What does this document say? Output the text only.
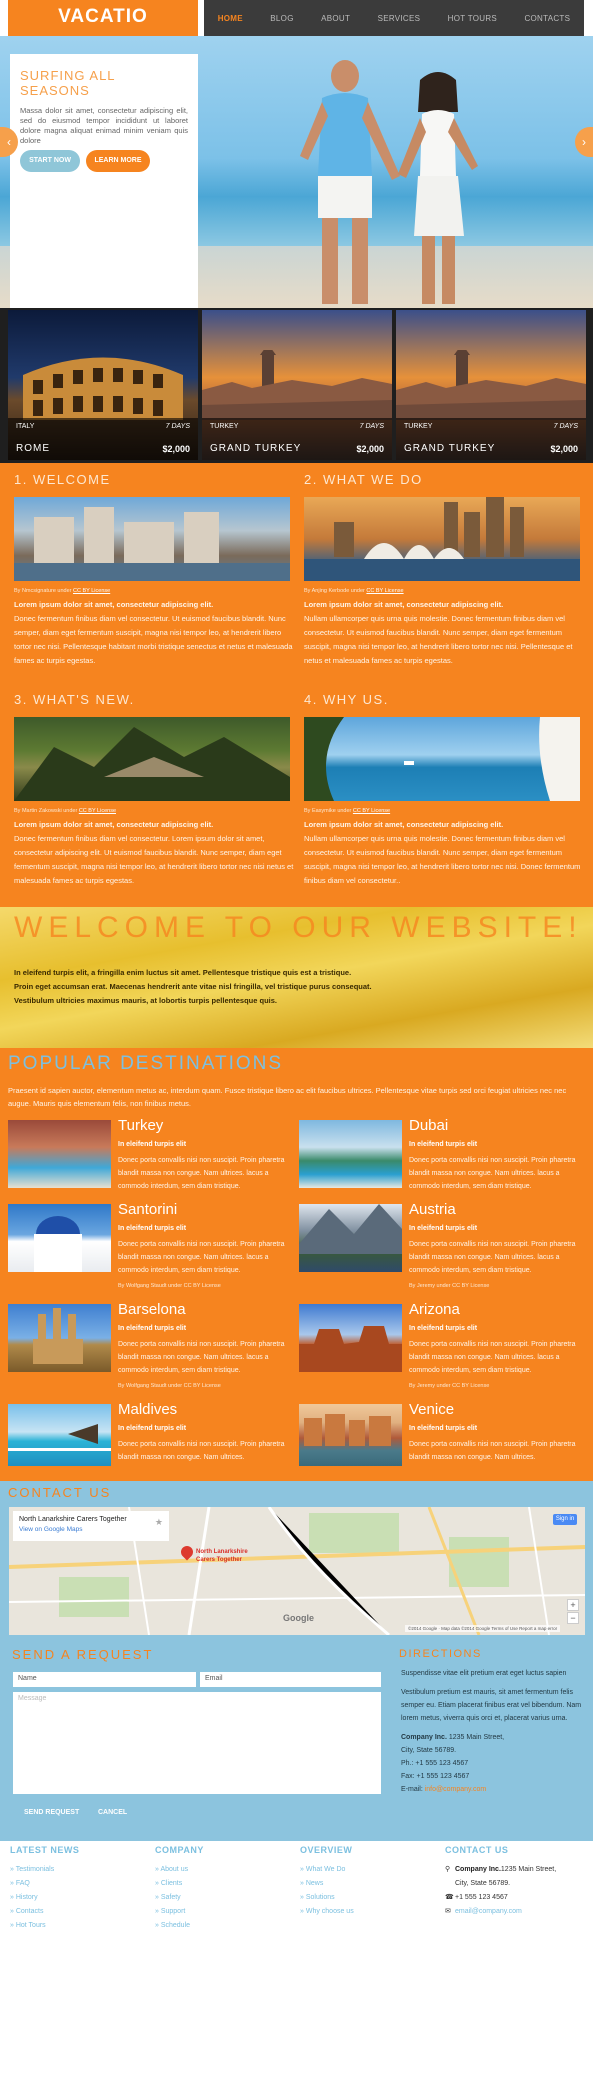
VACATIO	HOME	BLOG	ABOUT	SERVICES	HOT TOURS	CONTACTS
SURFING ALL SEASONS
Massa dolor sit amet, consectetur adipiscing elit, sed do eiusmod tempor incididunt ut laboret dolore magna aliquat enimad minim veniam quis dolore
START NOW	LEARN MORE
‹	›
ITALY	7 DAYS
ROME	$2,000
TURKEY	7 DAYS
GRAND TURKEY	$2,000
TURKEY	7 DAYS
GRAND TURKEY	$2,000
1. WELCOME
By Nmcsignature under CC BY License
Lorem ipsum dolor sit amet, consectetur adipiscing elit.
Donec fermentum finibus diam vel consectetur. Ut euismod faucibus blandit. Nunc semper, diam eget fermentum suscipit, magna nisi tempor leo, at hendrerit libero tortor nec nisi. Pellentesque habitant morbi tristique senectus et netus et malesuada fames ac turpis egestas.
2. WHAT WE DO
By Anjing Kerbode under CC BY License
Lorem ipsum dolor sit amet, consectetur adipiscing elit.
Nullam ullamcorper quis urna quis molestie. Donec fermentum finibus diam vel consectetur. Ut euismod faucibus blandit. Nunc semper, diam eget fermentum suscipit, magna nisi tempor leo, at hendrerit libero tortor nec nisi. Pellentesque et netus et malesuada fames ac turpis egestas.
3. WHAT'S NEW.
By Martin Zakowski under CC BY License
Lorem ipsum dolor sit amet, consectetur adipiscing elit.
Donec fermentum finibus diam vel consectetur. Lorem ipsum dolor sit amet, consectetur adipiscing elit. Ut euismod faucibus blandit. Nunc semper, diam eget fermentum suscipit, magna nisi tempor leo, at hendrerit libero tortor nec nisi netus et malesuada fames ac turpis egestas.
4. WHY US.
By Easymike under CC BY License
Lorem ipsum dolor sit amet, consectetur adipiscing elit.
Nullam ullamcorper quis urna quis molestie. Donec fermentum finibus diam vel consectetur. Ut euismod faucibus blandit. Nunc semper, diam eget fermentum suscipit, magna nisi tempor leo, at hendrerit libero tortor nec nisi. Donec fermentum finibus diam vel consectetur..
WELCOME TO OUR WEBSITE!
In eleifend turpis elit, a fringilla enim luctus sit amet. Pellentesque tristique quis est a tristique.
Proin eget accumsan erat. Maecenas hendrerit ante vitae nisl fringilla, vel tristique purus consequat.
Vestibulum ultricies maximus mauris, at lobortis turpis pellentesque quis.
POPULAR DESTINATIONS
Praesent id sapien auctor, elementum metus ac, interdum quam. Fusce tristique libero ac elit faucibus ultrices. Pellentesque vitae turpis sed orci feugiat ultricies nec nec augue. Mauris quis elementum felis, non finibus metus.
Turkey
In eleifend turpis elit
Donec porta convallis nisi non suscipit. Proin pharetra blandit massa non congue. Nam ultrices. lacus a commodo interdum, sem diam tristique.
Dubai
In eleifend turpis elit
Donec porta convallis nisi non suscipit. Proin pharetra blandit massa non congue. Nam ultrices. lacus a commodo interdum, sem diam tristique.
Santorini
In eleifend turpis elit
Donec porta convallis nisi non suscipit. Proin pharetra blandit massa non congue. Nam ultrices. lacus a commodo interdum, sem diam tristique.
By Wolfgang Staudt under CC BY License
Austria
In eleifend turpis elit
Donec porta convallis nisi non suscipit. Proin pharetra blandit massa non congue. Nam ultrices. lacus a commodo interdum, sem diam tristique.
By Jeremy under CC BY License
Barselona
In eleifend turpis elit
Donec porta convallis nisi non suscipit. Proin pharetra blandit massa non congue. Nam ultrices. lacus a commodo interdum, sem diam tristique.
By Wolfgang Staudt under CC BY License
Arizona
In eleifend turpis elit
Donec porta convallis nisi non suscipit. Proin pharetra blandit massa non congue. Nam ultrices. lacus a commodo interdum, sem diam tristique.
By Jeremy under CC BY License
Maldives
In eleifend turpis elit
Donec porta convallis nisi non suscipit. Proin pharetra blandit massa non congue. Nam ultrices.
Venice
In eleifend turpis elit
Donec porta convallis nisi non suscipit. Proin pharetra blandit massa non congue. Nam ultrices.
CONTACT US
North Lanarkshire Carers Together
View on Google Maps
★	Sign in
North Lanarkshire
Carers Together
+
−
Google
©2014 Google · Map data ©2014 Google Terms of Use Report a map error
SEND A REQUEST
Name	Email
Message
SEND REQUEST	CANCEL
DIRECTIONS
Suspendisse vitae elit pretium erat eget luctus sapien
Vestibulum pretium est mauris, sit amet fermentum felis semper eu. Etiam placerat finibus erat vel bibendum. Nam lorem metus, viverra quis orci et, placerat varius urna.
Company Inc. 1235 Main Street,
City, State 56789.
Ph.: +1 555 123 4567
Fax: +1 555 123 4567
E-mail: info@company.com
LATEST NEWS
» Testimonials
» FAQ
» History
» Contacts
» Hot Tours
COMPANY
» About us
» Clients
» Safety
» Support
» Schedule
OVERVIEW
» What We Do
» News
» Solutions
» Why choose us
CONTACT US
⚲ Company Inc.1235 Main Street,
City, State 56789.
☎+1 555 123 4567
✉ email@company.com
